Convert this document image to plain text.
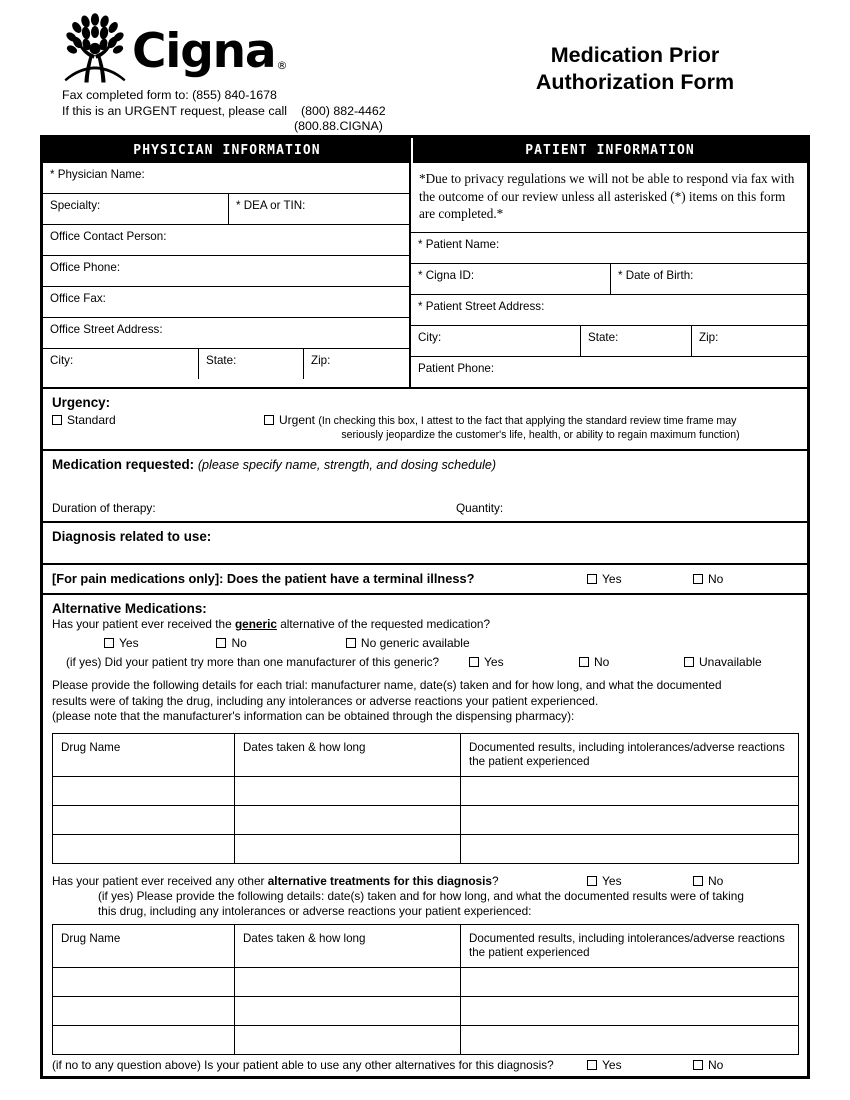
Cigna®
Fax completed form to: (855) 840-1678
If this is an URGENT request, please call (800) 882-4462
(800.88.CIGNA)
Medication Prior
Authorization Form
PHYSICIAN INFORMATION	PATIENT INFORMATION
* Physician Name:
Specialty:	* DEA or TIN:
Office Contact Person:
Office Phone:
Office Fax:
Office Street Address:
City:	State:	Zip:
*Due to privacy regulations we will not be able to respond via fax with the outcome of our review unless all asterisked (*) items on this form are completed.*
* Patient Name:
* Cigna ID:	* Date of Birth:
* Patient Street Address:
City:	State:	Zip:
Patient Phone:
Urgency:
Standard	Urgent (In checking this box, I attest to the fact that applying the standard review time frame may
seriously jeopardize the customer's life, health, or ability to regain maximum function)
Medication requested: (please specify name, strength, and dosing schedule)
Duration of therapy:	Quantity:
Diagnosis related to use:
[For pain medications only]: Does the patient have a terminal illness?	Yes	No
Alternative Medications:
Has your patient ever received the generic alternative of the requested medication?
Yes	No	No generic available
(if yes) Did your patient try more than one manufacturer of this generic?	Yes	No	Unavailable
Please provide the following details for each trial: manufacturer name, date(s) taken and for how long, and what the documented
results were of taking the drug, including any intolerances or adverse reactions your patient experienced.
(please note that the manufacturer's information can be obtained through the dispensing pharmacy):
Drug Name	Dates taken & how long	Documented results, including intolerances/adverse reactions the patient experienced

Has your patient ever received any other alternative treatments for this diagnosis?	Yes	No
(if yes) Please provide the following details: date(s) taken and for how long, and what the documented results were of taking
this drug, including any intolerances or adverse reactions your patient experienced:
Drug Name	Dates taken & how long	Documented results, including intolerances/adverse reactions the patient experienced

(if no to any question above) Is your patient able to use any other alternatives for this diagnosis?	Yes	No
